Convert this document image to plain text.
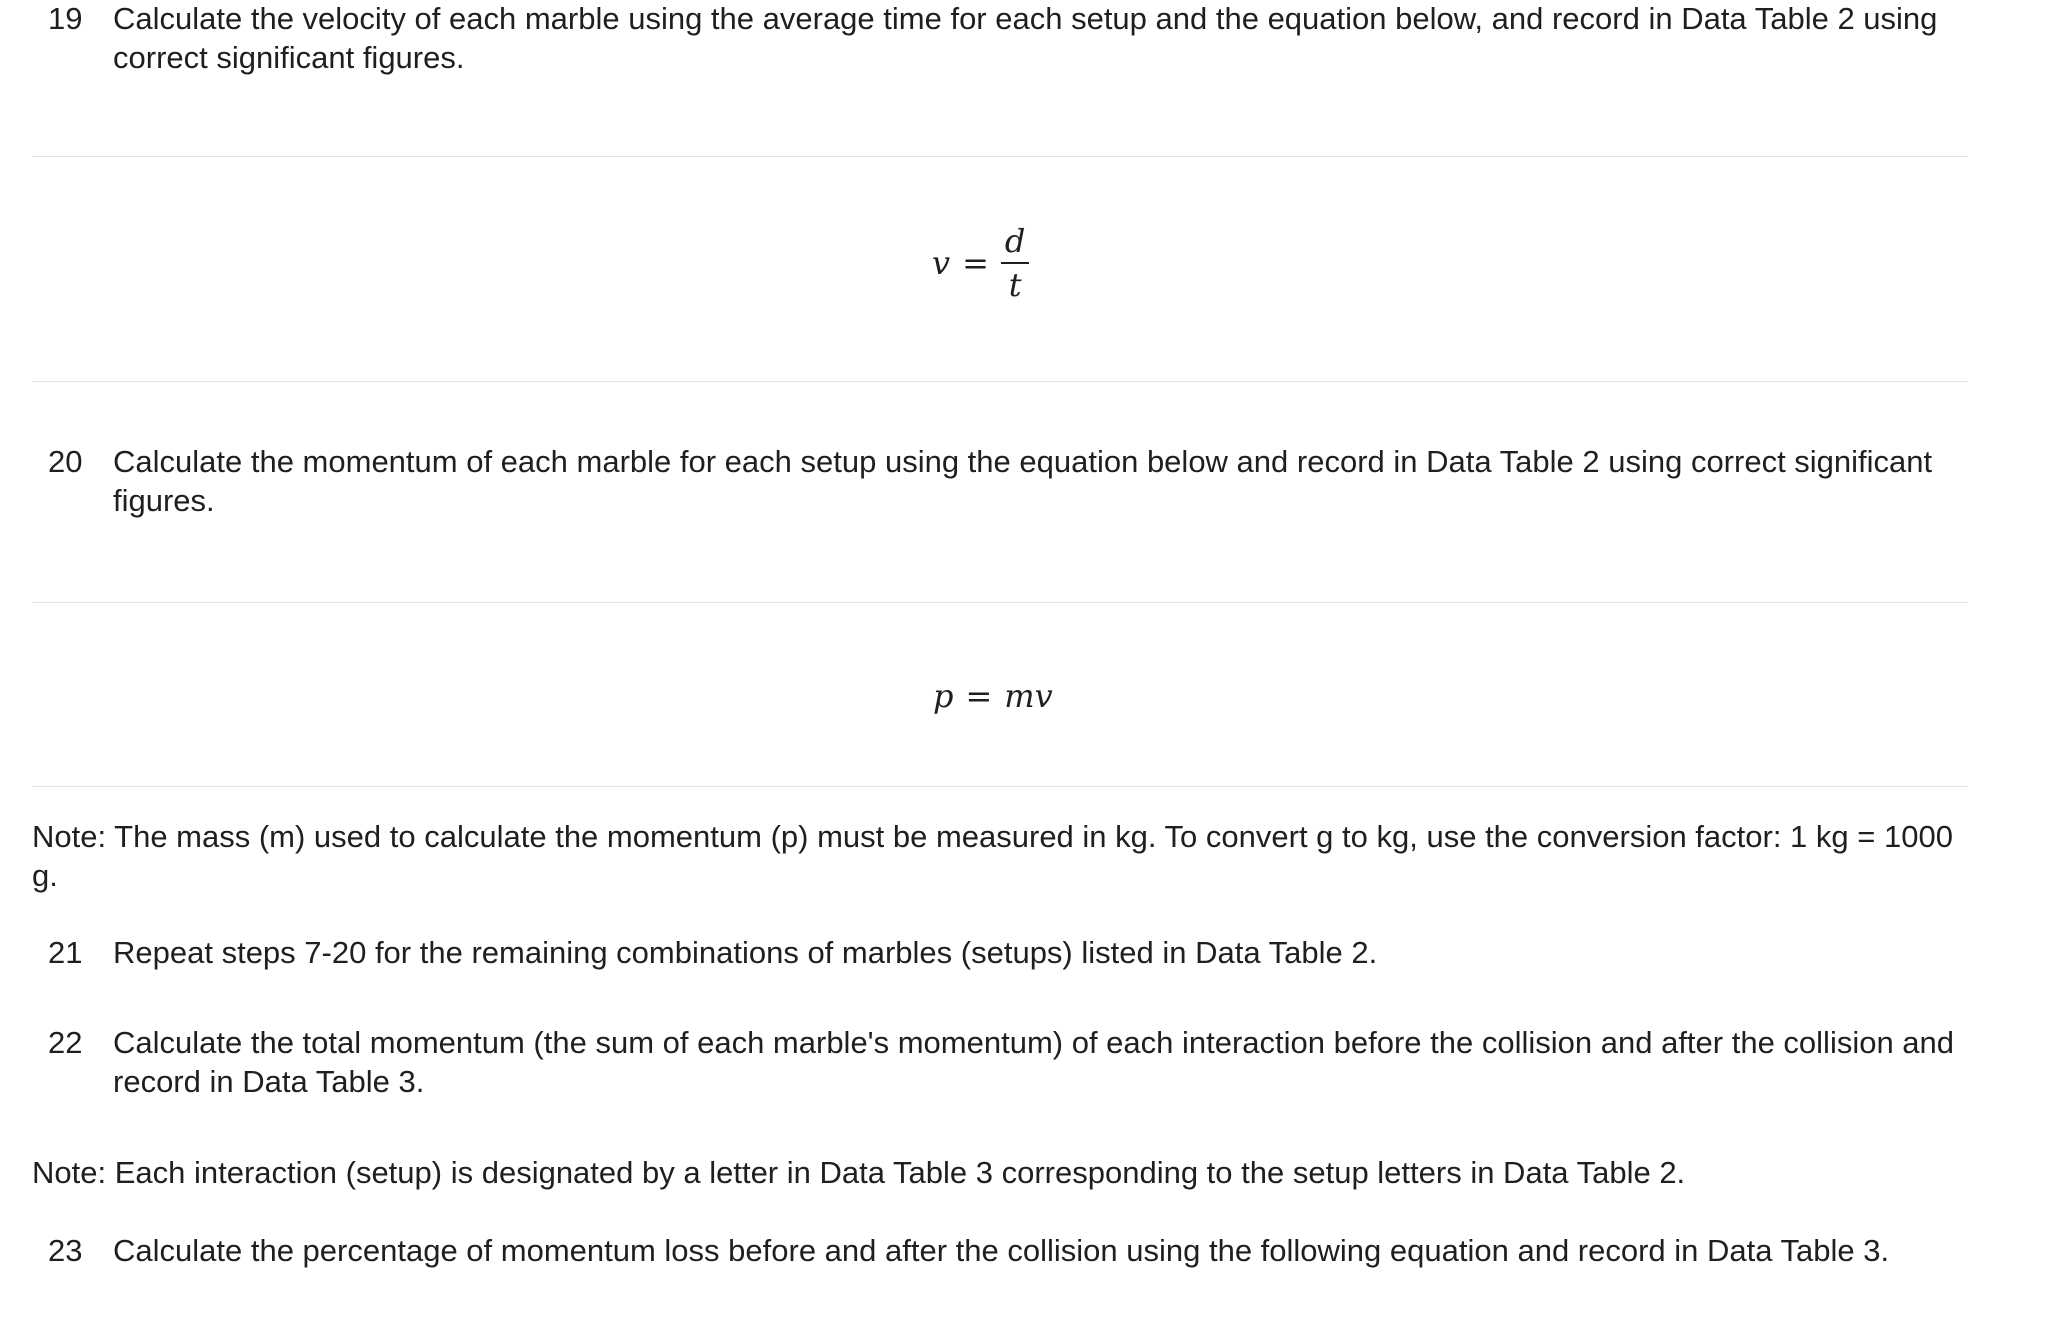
19 Calculate the velocity of each marble using the average time for each setup and the equation below, and record in Data Table 2 using correct significant figures.
$v = \frac{d}{t}$
20 Calculate the momentum of each marble for each setup using the equation below and record in Data Table 2 using correct significant figures.
p = mv
Note: The mass (m) used to calculate the momentum (p) must be measured in kg. To convert g to kg, use the conversion factor: 1 kg = 1000 g.
21 Repeat steps 7-20 for the remaining combinations of marbles (setups) listed in Data Table 2.
22 Calculate the total momentum (the sum of each marble's momentum) of each interaction before the collision and after the collision and record in Data Table 3.
Note: Each interaction (setup) is designated by a letter in Data Table 3 corresponding to the setup letters in Data Table 2.
23 Calculate the percentage of momentum loss before and after the collision using the following equation and record in Data Table 3.
